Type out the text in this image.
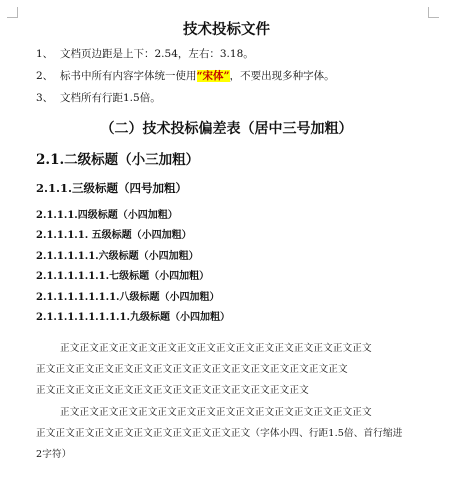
技术投标文件
1、 文档页边距是上下：2.54，左右：3.18。
2、 标书中所有内容字体统一使用“宋体”，不要出现多种字体。
3、 文档所有行距1.5倍。
（二）技术投标偏差表（居中三号加粗）
2.1.二级标题（小三加粗）
2.1.1.三级标题（四号加粗）
2.1.1.1.四级标题（小四加粗）
2.1.1.1.1. 五级标题（小四加粗）
2.1.1.1.1.1.六级标题（小四加粗）
2.1.1.1.1.1.1.七级标题（小四加粗）
2.1.1.1.1.1.1.1.八级标题（小四加粗）
2.1.1.1.1.1.1.1.1.九级标题（小四加粗）
正文正文正文正文正文正文正文正文正文正文正文正文正文正文正文正文
正文正文正文正文正文正文正文正文正文正文正文正文正文正文正文正文
正文正文正文正文正文正文正文正文正文正文正文正文正文正文
正文正文正文正文正文正文正文正文正文正文正文正文正文正文正文正文
正文正文正文正文正文正文正文正文正文正文正文（字体小四、行距1.5倍、首行缩进
2字符）
